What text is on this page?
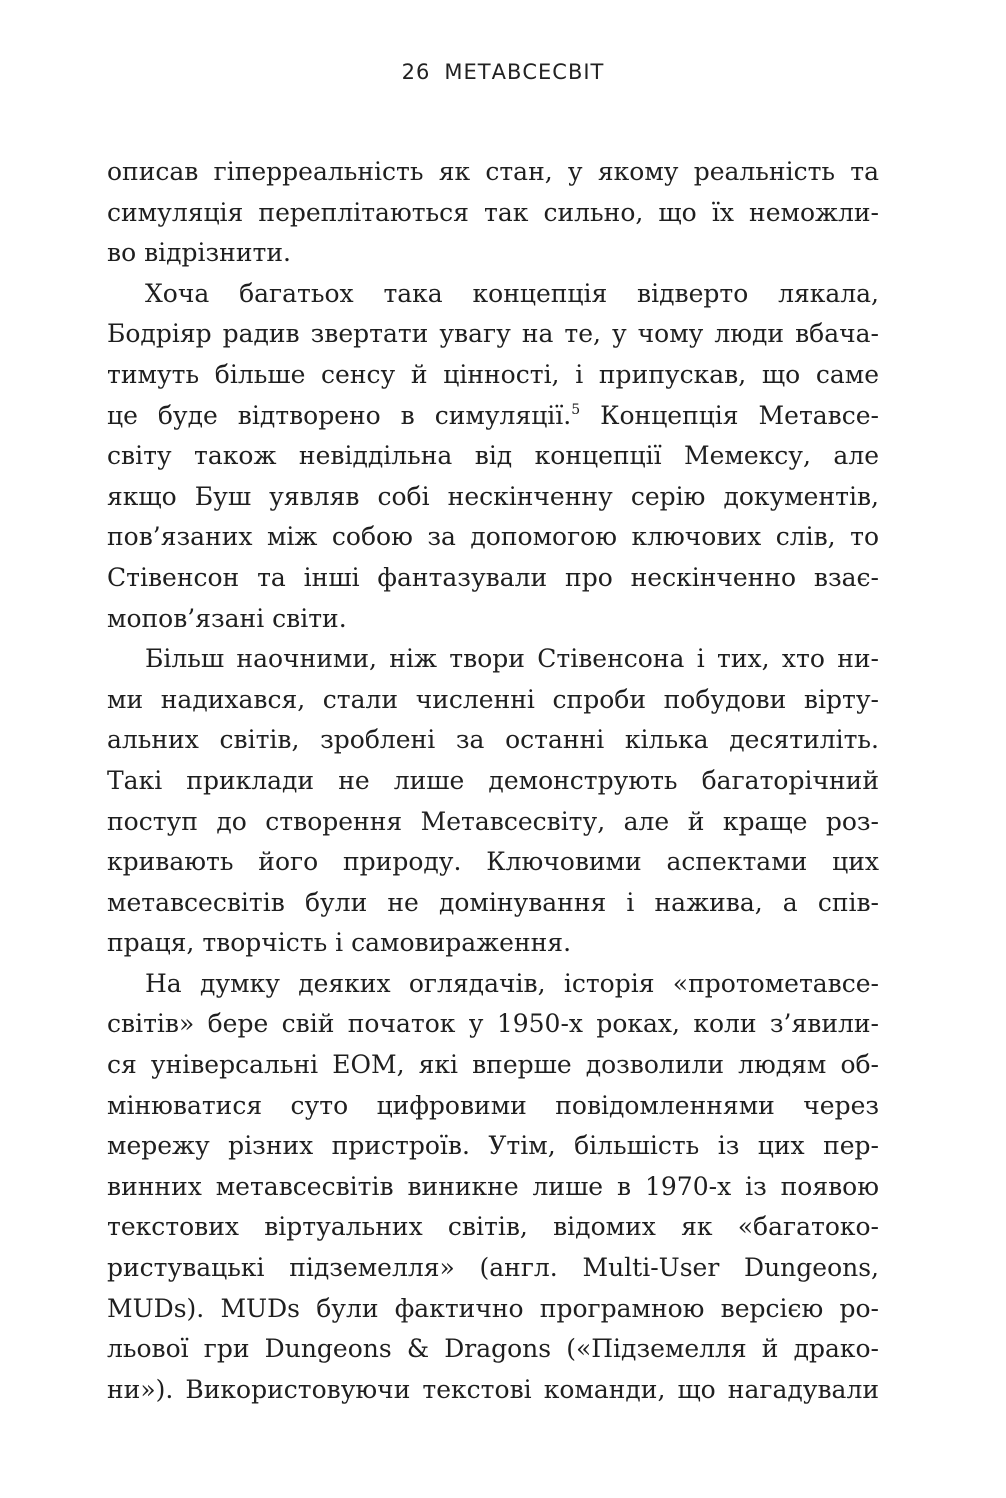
26 МЕТАВСЕСВІТ
описав гіперреальність як стан, у якому реальність та
симуляція переплітаються так сильно, що їх неможли-
во відрізнити.
Хоча багатьох така концепція відверто лякала,
Бодріяр радив звертати увагу на те, у чому люди вбача-
тимуть більше сенсу й цінності, і припускав, що саме
це буде відтворено в симуляції.$^5$ Концепція Метавсе-
світу також невіддільна від концепції Мемексу, але
якщо Буш уявляв собі нескінченну серію документів,
пов’язаних між собою за допомогою ключових слів, то
Стівенсон та інші фантазували про нескінченно взає-
мопов’язані світи.
Більш наочними, ніж твори Стівенсона і тих, хто ни-
ми надихався, стали численні спроби побудови вірту-
альних світів, зроблені за останні кілька десятиліть.
Такі приклади не лише демонструють багаторічний
поступ до створення Метавсесвіту, але й краще роз-
кривають його природу. Ключовими аспектами цих
метавсесвітів були не домінування і нажива, а спів-
праця, творчість і самовираження.
На думку деяких оглядачів, історія «протометавсе-
світів» бере свій початок у 1950-х роках, коли з’явили-
ся універсальні ЕОМ, які вперше дозволили людям об-
мінюватися суто цифровими повідомленнями через
мережу різних пристроїв. Утім, більшість із цих пер-
винних метавсесвітів виникне лише в 1970-х із появою
текстових віртуальних світів, відомих як «багатоко-
ристувацькі підземелля» (англ. Multi-User Dungeons,
MUDs). MUDs були фактично програмною версією ро-
льової гри Dungeons & Dragons («Підземелля й драко-
ни»). Використовуючи текстові команди, що нагадували
